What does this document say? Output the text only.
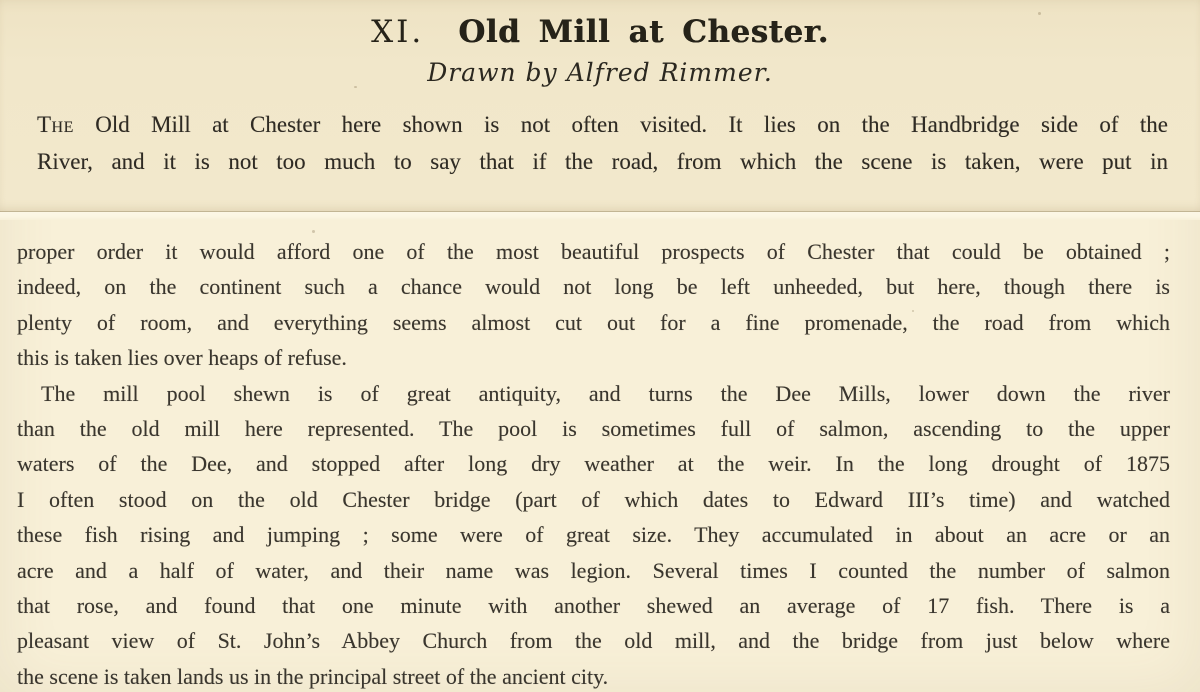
XI. Old Mill at Chester.
Drawn by Alfred Rimmer.
The Old Mill at Chester here shown is not often visited. It lies on the Handbridge side of the
River, and it is not too much to say that if the road, from which the scene is taken, were put in
proper order it would afford one of the most beautiful prospects of Chester that could be obtained ;
indeed, on the continent such a chance would not long be left unheeded, but here, though there is
plenty of room, and everything seems almost cut out for a fine promenade, the road from which
this is taken lies over heaps of refuse.
The mill pool shewn is of great antiquity, and turns the Dee Mills, lower down the river
than the old mill here represented. The pool is sometimes full of salmon, ascending to the upper
waters of the Dee, and stopped after long dry weather at the weir. In the long drought of 1875
I often stood on the old Chester bridge (part of which dates to Edward III’s time) and watched
these fish rising and jumping ; some were of great size. They accumulated in about an acre or an
acre and a half of water, and their name was legion. Several times I counted the number of salmon
that rose, and found that one minute with another shewed an average of 17 fish. There is a
pleasant view of St. John’s Abbey Church from the old mill, and the bridge from just below where
the scene is taken lands us in the principal street of the ancient city.
